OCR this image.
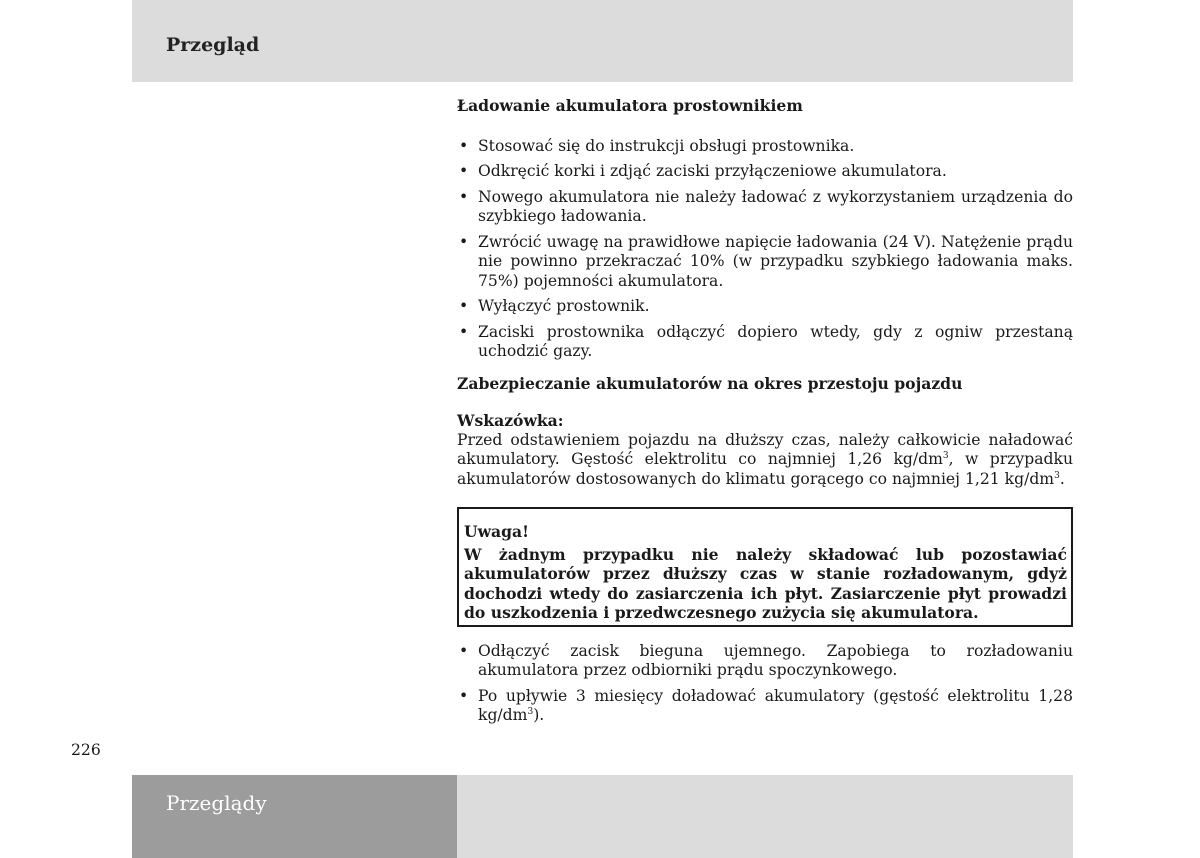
Przegląd
Ładowanie akumulatora prostownikiem
• Stosować się do instrukcji obsługi prostownika.
• Odkręcić korki i zdjąć zaciski przyłączeniowe akumulatora.
• Nowego akumulatora nie należy ładować z wykorzystaniem urządzenia do szybkiego ładowania.
• Zwrócić uwagę na prawidłowe napięcie ładowania (24 V). Natężenie prądu nie powinno przekraczać 10% (w przypadku szybkiego ładowania maks. 75%) pojemności akumulatora.
• Wyłączyć prostownik.
• Zaciski prostownika odłączyć dopiero wtedy, gdy z ogniw przestaną uchodzić gazy.
Zabezpieczanie akumulatorów na okres przestoju pojazdu
Wskazówka:

Przed odstawieniem pojazdu na dłuższy czas, należy całkowicie naładować akumulatory. Gęstość elektrolitu co najmniej 1,26 $kg/dm^3$, w przypadku akumulatorów dostosowanych do klimatu gorącego co najmniej 1,21 $kg/dm^3$.

Uwaga!
W żadnym przypadku nie należy składować lub pozostawiać akumulatorów przez dłuższy czas w stanie rozładowanym, gdyż dochodzi wtedy do zasiarczenia ich płyt. Zasiarczenie płyt prowadzi do uszkodzenia i przedwczesnego zużycia się akumulatora.
• Odłączyć zacisk bieguna ujemnego. Zapobiega to rozładowaniu akumulatora przez odbiorniki prądu spoczynkowego.
• Po upływie 3 miesięcy doładować akumulatory (gęstość elektrolitu 1,28 $kg/dm^3$).
226
Przeglądy
